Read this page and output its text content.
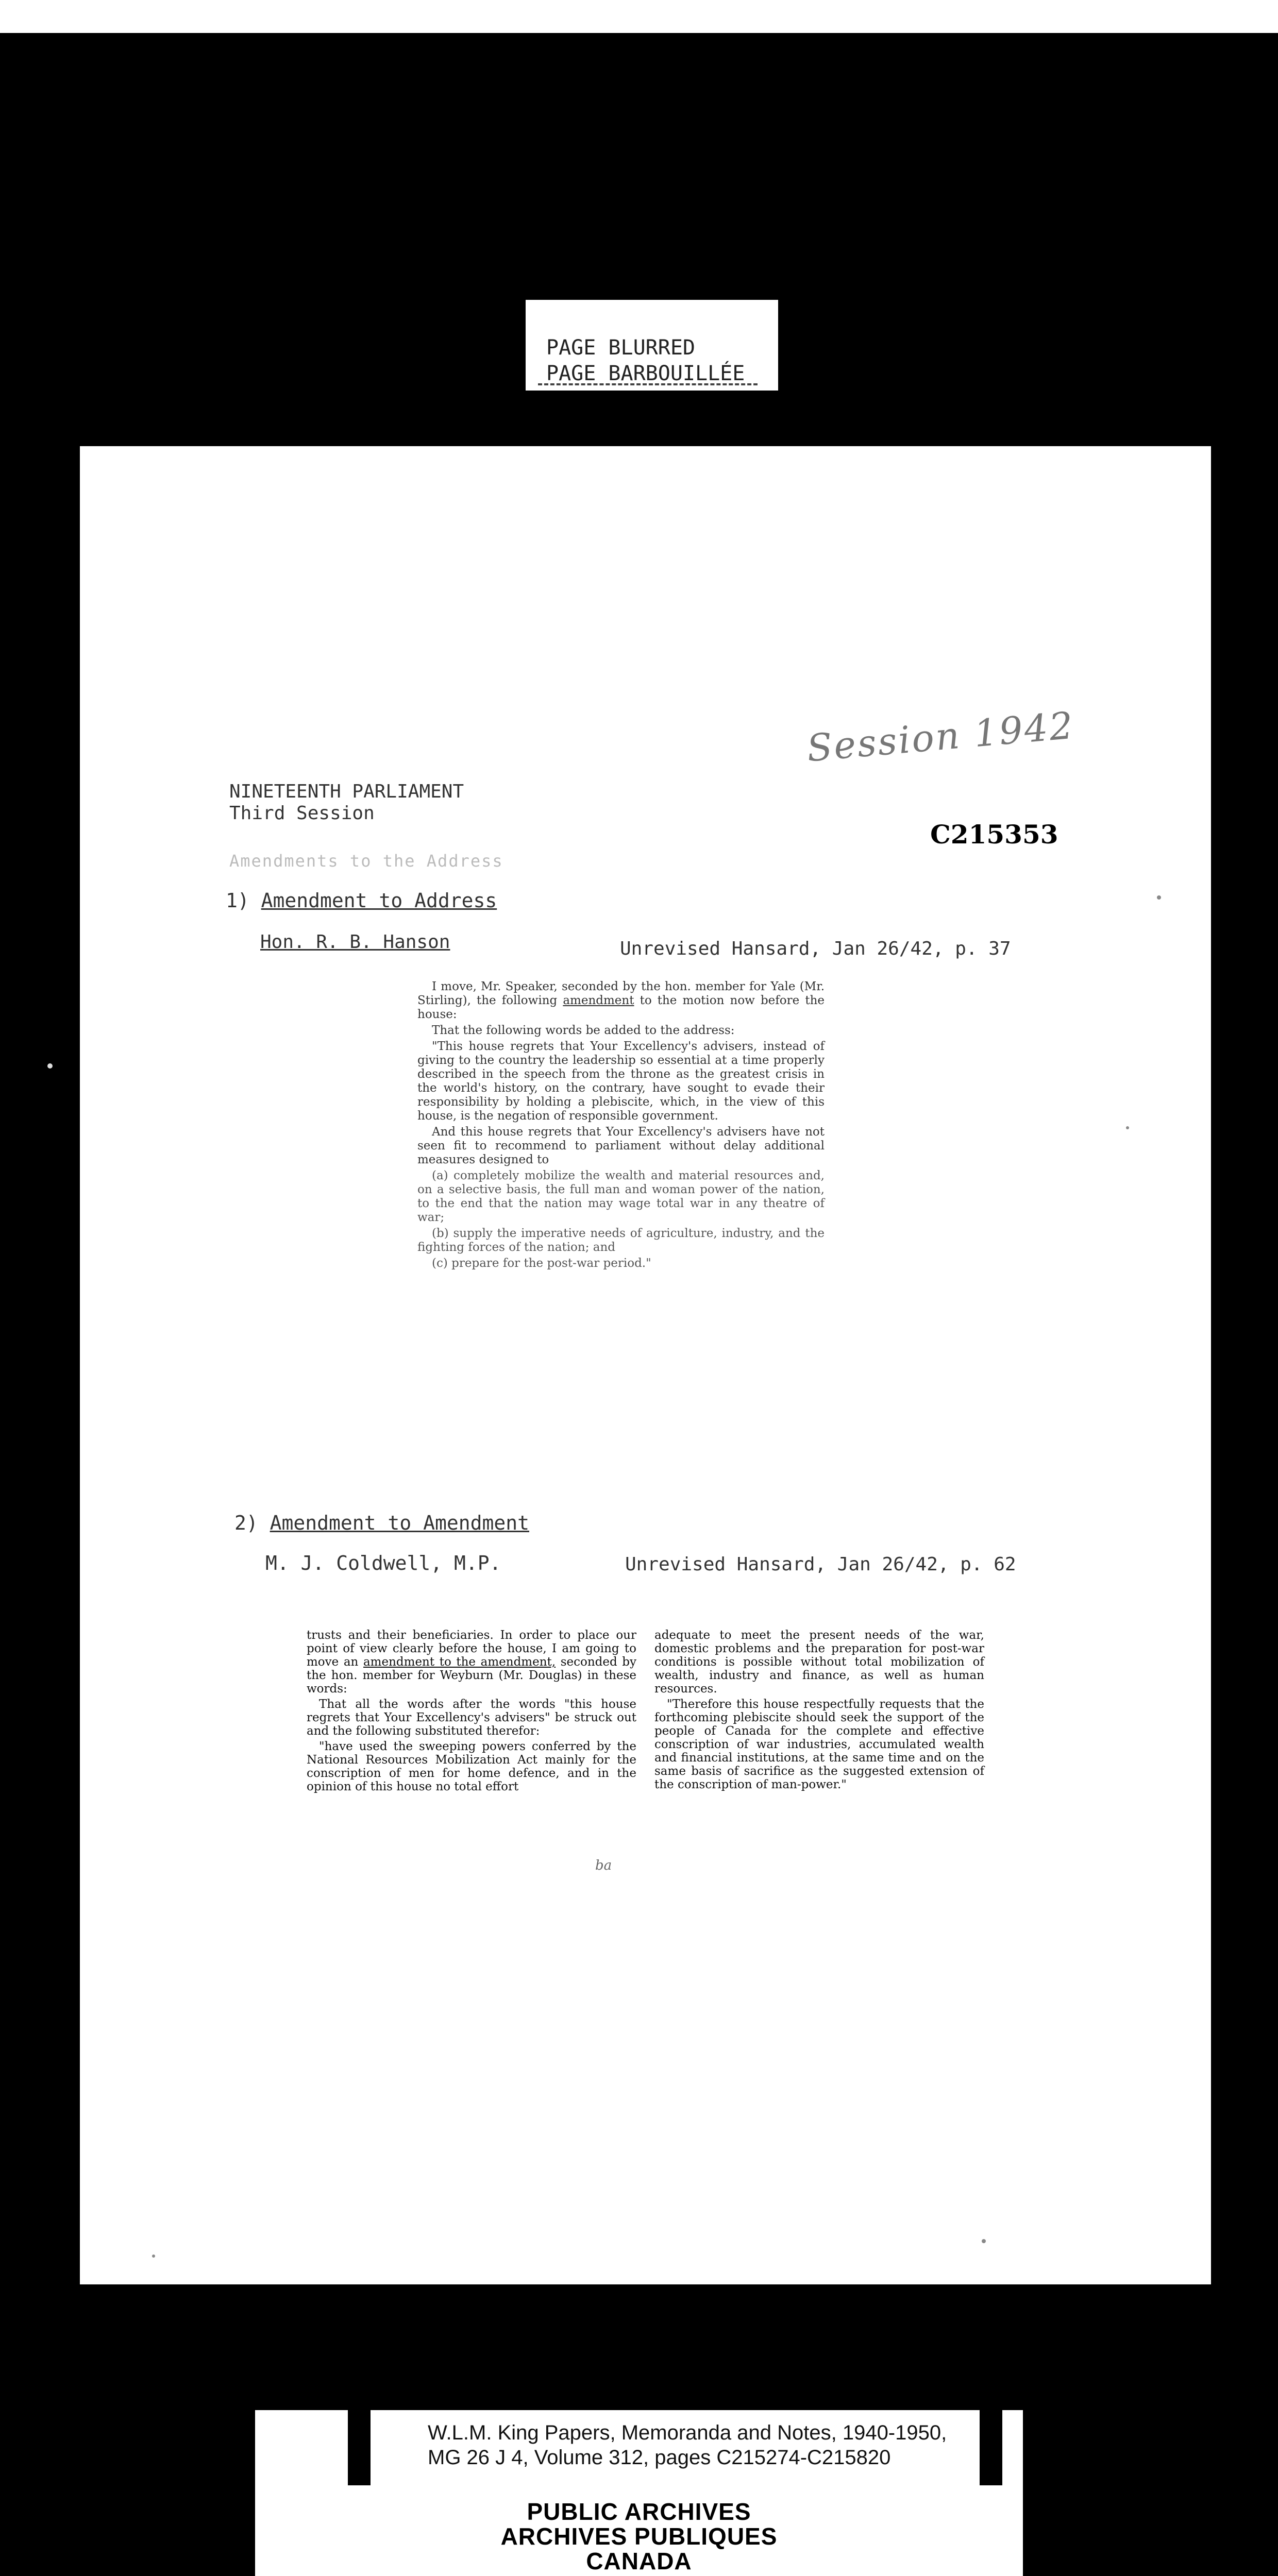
PAGE BLURRED
PAGE BARBOUILLÉE
Session 1942
NINETEENTH PARLIAMENT
Third Session
Amendments to the Address
C215353
1) Amendment to Address
Hon. R. B. Hanson	Unrevised Hansard, Jan 26/42, p. 37

I move, Mr. Speaker, seconded by the hon. member for Yale (Mr. Stirling), the following amendment to the motion now before the house:

That the following words be added to the address:

"This house regrets that Your Excellency's advisers, instead of giving to the country the leadership so essential at a time properly described in the speech from the throne as the greatest crisis in the world's history, on the contrary, have sought to evade their responsibility by holding a plebiscite, which, in the view of this house, is the negation of responsible government.

And this house regrets that Your Excellency's advisers have not seen fit to recommend to parliament without delay additional measures designed to

(a) completely mobilize the wealth and material resources and, on a selective basis, the full man and woman power of the nation, to the end that the nation may wage total war in any theatre of war;

(b) supply the imperative needs of agriculture, industry, and the fighting forces of the nation; and

(c) prepare for the post-war period."

2) Amendment to Amendment
M. J. Coldwell, M.P.	Unrevised Hansard, Jan 26/42, p. 62

trusts and their beneficiaries. In order to place our point of view clearly before the house, I am going to move an amendment to the amendment, seconded by the hon. member for Weyburn (Mr. Douglas) in these words:

That all the words after the words "this house regrets that Your Excellency's advisers" be struck out and the following substituted therefor:

"have used the sweeping powers conferred by the National Resources Mobilization Act mainly for the conscription of men for home defence, and in the opinion of this house no total effort

adequate to meet the present needs of the war, domestic problems and the preparation for post-war conditions is possible without total mobilization of wealth, industry and finance, as well as human resources.

"Therefore this house respectfully requests that the forthcoming plebiscite should seek the support of the people of Canada for the complete and effective conscription of war industries, accumulated wealth and financial institutions, at the same time and on the same basis of sacrifice as the suggested extension of the conscription of man-power."

ba
W.L.M. King Papers, Memoranda and Notes, 1940-1950,
MG 26 J 4, Volume 312, pages C215274-C215820
PUBLIC ARCHIVES
ARCHIVES PUBLIQUES
CANADA
